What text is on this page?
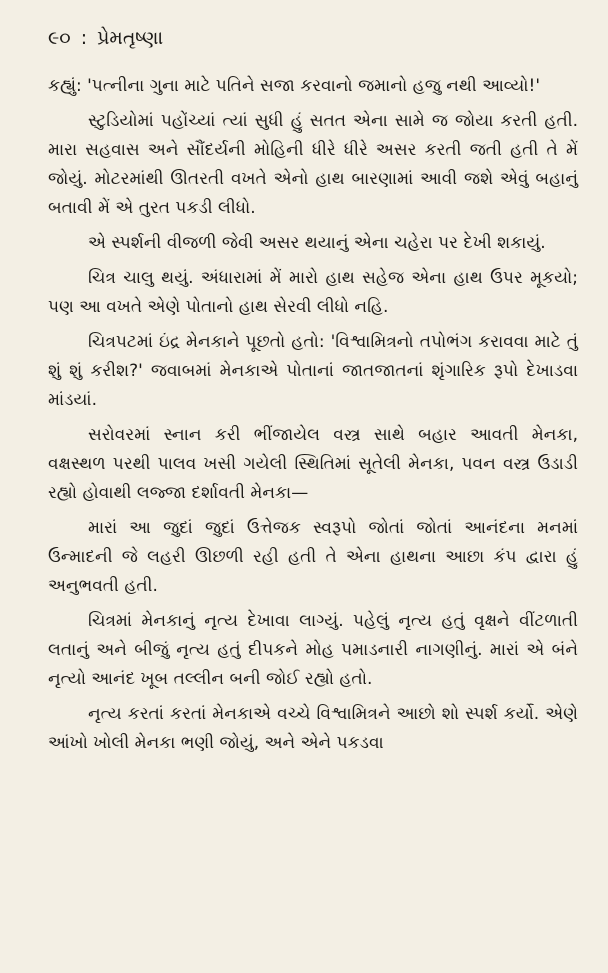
૯૦ : પ્રેમતૃષ્ણા

કહ્યું: 'પત્નીના ગુના માટે પતિને સજા કરવાનો જમાનો હજુ નથી આવ્યો!'

સ્ટુડિયોમાં પહોંચ્યાં ત્યાં સુધી હું સતત એના સામે જ જોયા કરતી હતી. મારા સહવાસ અને સૌંદર્યની મોહિની ધીરે ધીરે અસર કરતી જતી હતી તે મેં જોયું. મોટરમાંથી ઊતરતી વખતે એનો હાથ બારણામાં આવી જશે એવું બહાનું બતાવી મેં એ તુરત પકડી લીધો.

એ સ્પર્શની વીજળી જેવી અસર થયાનું એના ચહેરા પર દેખી શકાયું.

ચિત્ર ચાલુ થયું. અંધારામાં મેં મારો હાથ સહેજ એના હાથ ઉપર મૂકયો; પણ આ વખતે એણે પોતાનો હાથ સેરવી લીધો નહિ.

ચિત્રપટમાં ઇંદ્ર મેનકાને પૂછતો હતો: 'વિશ્વામિત્રનો તપોભંગ કરાવવા માટે તું શું શું કરીશ?' જવાબમાં મેનકાએ પોતાનાં જાતજાતનાં શૃંગારિક રૂપો દેખાડવા માંડયાં.

સરોવરમાં સ્નાન કરી ભીંજાયેલ વસ્ત્ર સાથે બહાર આવતી મેનકા, વક્ષસ્થળ પરથી પાલવ ખસી ગયેલી સ્થિતિમાં સૂતેલી મેનકા, પવન વસ્ત્ર ઉડાડી રહ્યો હોવાથી લજ્જા દર્શાવતી મેનકા—

મારાં આ જુદાં જુદાં ઉત્તેજક સ્વરૂપો જોતાં જોતાં આનંદના મનમાં ઉન્માદની જે લહરી ઊછળી રહી હતી તે એના હાથના આછા કંપ દ્વારા હું અનુભવતી હતી.

ચિત્રમાં મેનકાનું નૃત્ય દેખાવા લાગ્યું. પહેલું નૃત્ય હતું વૃક્ષને વીંટળાતી લતાનું અને બીજું નૃત્ય હતું દીપકને મોહ પમાડનારી નાગણીનું. મારાં એ બંને નૃત્યો આનંદ ખૂબ તલ્લીન બની જોઈ રહ્યો હતો.

નૃત્ય કરતાં કરતાં મેનકાએ વચ્ચે વિશ્વામિત્રને આછો શો સ્પર્શ કર્યો. એણે આંખો ખોલી મેનકા ભણી જોયું, અને એને પકડવા
